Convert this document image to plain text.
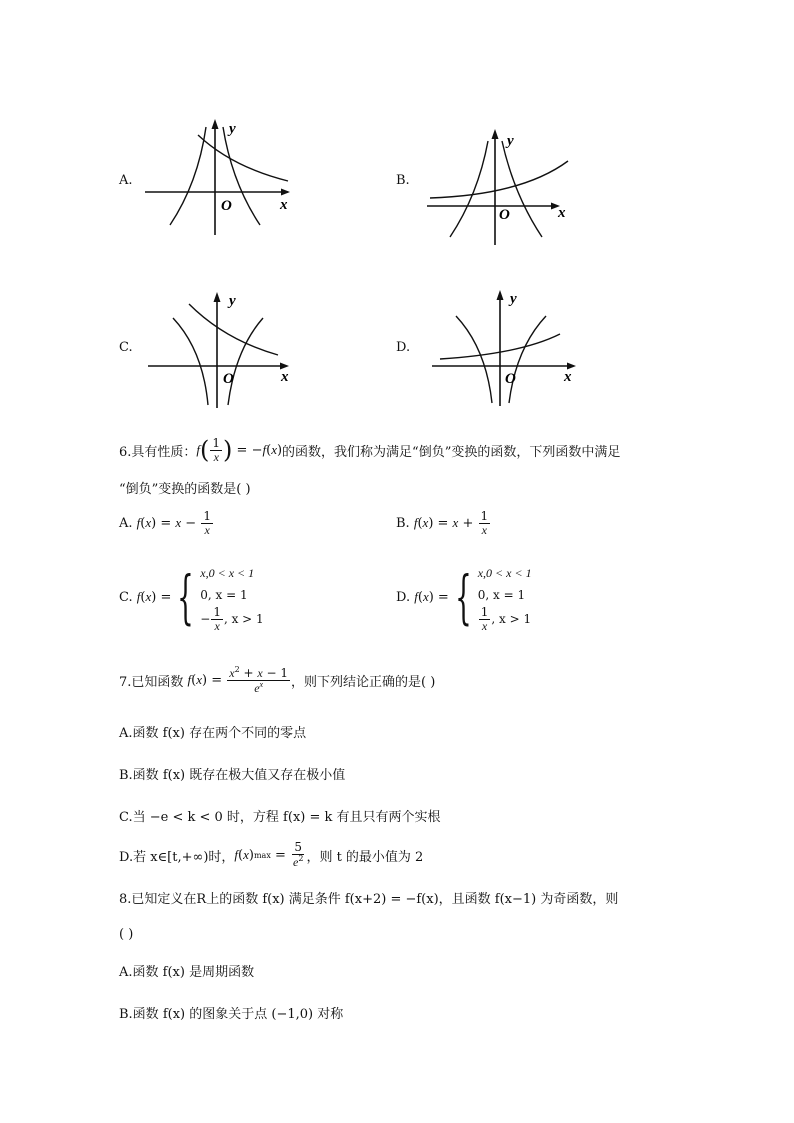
A.
y
x
O
B.
y
x
O
C.
y
x
O
D.
y
x
O
6.具有性质： f ( $\frac{1}{x}$ ) = − f ( x ) 的函数，我们称为满足“倒负”变换的函数，下列函数中满足
“倒负”变换的函数是( )
A.
f ( x ) = $x - \frac{1}{x}$	B.
f ( x ) = $x + \frac{1}{x}$
C.
f ( x ) = { x,0 < x < 1
0, x = 1
− $\frac{1}{x}$ , x > 1
D.
f ( x ) = { x,0 < x < 1
0, x = 1
$\frac{1}{x}$ , x > 1
7.已知函数
f ( x ) = $\frac{x^2 + x - 1}{e^x}$ ，则下列结论正确的是( )
A.函数 f(x) 存在两个不同的零点
B.函数 f(x) 既存在极大值又存在极小值
C.当 −e < k < 0 时，方程 f(x) = k 有且只有两个实根
D.若 x∈[t,+∞)时， f ( x ) $\max = \frac{5}{e^2}$ ，则 t 的最小值为 2
8.已知定义在R上的函数 f(x) 满足条件 f(x+2) = −f(x)，且函数 f(x−1) 为奇函数，则
( )
A.函数 f(x) 是周期函数
B.函数 f(x) 的图象关于点 (−1,0) 对称
